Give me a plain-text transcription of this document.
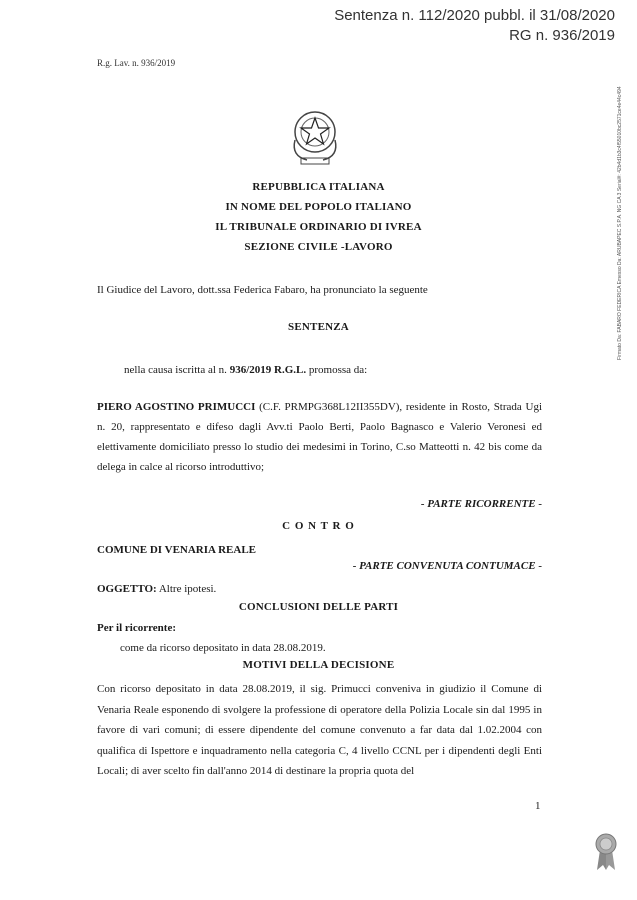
Sentenza n. 112/2020 pubbl. il 31/08/2020
RG n. 936/2019
R.g. Lav. n. 936/2019
REPUBBLICA ITALIANA
IN NOME DEL POPOLO ITALIANO
IL TRIBUNALE ORDINARIO DI IVREA
SEZIONE CIVILE -LAVORO
Il Giudice del Lavoro, dott.ssa Federica Fabaro, ha pronunciato la seguente
SENTENZA
nella causa iscritta al n. 936/2019 R.G.L. promossa da:
PIERO AGOSTINO PRIMUCCI (C.F. PRMPG368L12II355DV), residente in Rosto, Strada Ugi n. 20, rappresentato e difeso dagli Avv.ti Paolo Berti, Paolo Bagnasco e Valerio Veronesi ed elettivamente domiciliato presso lo studio dei medesimi in Torino, C.so Matteotti n. 42 bis come da delega in calce al ricorso introduttivo;
- PARTE RICORRENTE -
C O N T R O
COMUNE DI VENARIA REALE
- PARTE CONVENUTA CONTUMACE -
OGGETTO: Altre ipotesi.
CONCLUSIONI DELLE PARTI
Per il ricorrente:
come da ricorso depositato in data 28.08.2019.
MOTIVI DELLA DECISIONE
Con ricorso depositato in data 28.08.2019, il sig. Primucci conveniva in giudizio il Comune di Venaria Reale esponendo di svolgere la professione di operatore della Polizia Locale sin dal 1995 in favore di vari comuni; di essere dipendente del comune convenuto a far data dal 1.02.2004 con qualifica di Ispettore e inquadramento nella categoria C, 4 livello CCNL per i dipendenti degli Enti Locali; di aver scelto fin dall'anno 2014 di destinare la propria quota del
1
Firmato Da: FABARO FEDERICA Emesso Da: ARUBAPEC S.P.A. NG CA 3 Serial#: 42b4d1b3c4f55010bc2571ce4e44c494
